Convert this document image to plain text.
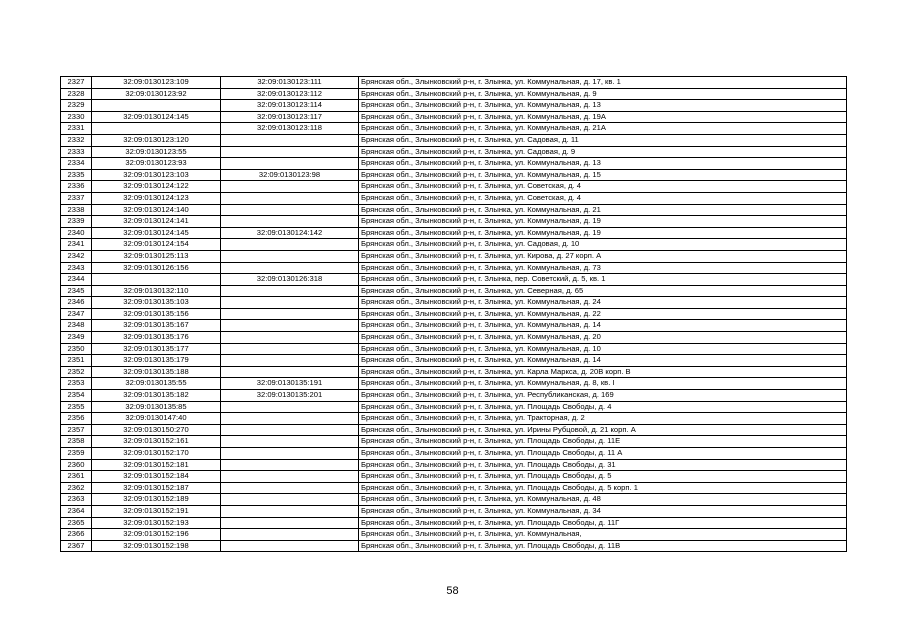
2327	32:09:0130123:109	32:09:0130123:111	Брянская обл., Злынковский р-н, г. Злынка, ул. Коммунальная, д. 17, кв. 1
2328	32:09:0130123:92	32:09:0130123:112	Брянская обл., Злынковский р-н, г. Злынка, ул. Коммунальная, д. 9
2329		32:09:0130123:114	Брянская обл., Злынковский р-н, г. Злынка, ул. Коммунальная, д. 13
2330	32:09:0130124:145	32:09:0130123:117	Брянская обл., Злынковский р-н, г. Злынка, ул. Коммунальная, д. 19А
2331		32:09:0130123:118	Брянская обл., Злынковский р-н, г. Злынка, ул. Коммунальная, д. 21А
2332	32:09:0130123:120		Брянская обл., Злынковский р-н, г. Злынка, ул. Садовая, д. 11
2333	32:09:0130123:55		Брянская обл., Злынковский р-н, г. Злынка, ул. Садовая, д. 9
2334	32:09:0130123:93		Брянская обл., Злынковский р-н, г. Злынка, ул. Коммунальная, д. 13
2335	32:09:0130123:103	32:09:0130123:98	Брянская обл., Злынковский р-н, г. Злынка, ул. Коммунальная, д. 15
2336	32:09:0130124:122		Брянская обл., Злынковский р-н, г. Злынка, ул. Советская, д. 4
2337	32:09:0130124:123		Брянская обл., Злынковский р-н, г. Злынка, ул. Советская, д. 4
2338	32:09:0130124:140		Брянская обл., Злынковский р-н, г. Злынка, ул. Коммунальная, д. 21
2339	32:09:0130124:141		Брянская обл., Злынковский р-н, г. Злынка, ул. Коммунальная, д. 19
2340	32:09:0130124:145	32:09:0130124:142	Брянская обл., Злынковский р-н, г. Злынка, ул. Коммунальная, д. 19
2341	32:09:0130124:154		Брянская обл., Злынковский р-н, г. Злынка, ул. Садовая, д. 10
2342	32:09:0130125:113		Брянская обл., Злынковский р-н, г. Злынка, ул. Кирова, д. 27 корп. А
2343	32:09:0130126:156		Брянская обл., Злынковский р-н, г. Злынка, ул. Коммунальная, д. 73
2344		32:09:0130126:318	Брянская обл., Злынковский р-н, г. Злынка, пер. Советский, д. 5, кв. 1
2345	32:09:0130132:110		Брянская обл., Злынковский р-н, г. Злынка, ул. Северная, д. 65
2346	32:09:0130135:103		Брянская обл., Злынковский р-н, г. Злынка, ул. Коммунальная, д. 24
2347	32:09:0130135:156		Брянская обл., Злынковский р-н, г. Злынка, ул. Коммунальная, д. 22
2348	32:09:0130135:167		Брянская обл., Злынковский р-н, г. Злынка, ул. Коммунальная, д. 14
2349	32:09:0130135:176		Брянская обл., Злынковский р-н, г. Злынка, ул. Коммунальная, д. 20
2350	32:09:0130135:177		Брянская обл., Злынковский р-н, г. Злынка, ул. Коммунальная, д. 10
2351	32:09:0130135:179		Брянская обл., Злынковский р-н, г. Злынка, ул. Коммунальная, д. 14
2352	32:09:0130135:188		Брянская обл., Злынковский р-н, г. Злынка, ул. Карла Маркса, д. 20В корп. В
2353	32:09:0130135:55	32:09:0130135:191	Брянская обл., Злынковский р-н, г. Злынка, ул. Коммунальная, д. 8, кв. I
2354	32:09:0130135:182	32:09:0130135:201	Брянская обл., Злынковский р-н, г. Злынка, ул. Республиканская, д. 169
2355	32:09:0130135:85		Брянская обл., Злынковский р-н, г. Злынка, ул. Площадь Свободы, д. 4
2356	32:09:0130147:40		Брянская обл., Злынковский р-н, г. Злынка, ул. Тракторная, д. 2
2357	32:09:0130150:270		Брянская обл., Злынковский р-н, г. Злынка, ул. Ирины Рубцовой, д. 21 корп. А
2358	32:09:0130152:161		Брянская обл., Злынковский р-н, г. Злынка, ул. Площадь Свободы, д. 11Е
2359	32:09:0130152:170		Брянская обл., Злынковский р-н, г. Злынка, ул. Площадь Свободы, д. 11 А
2360	32:09:0130152:181		Брянская обл., Злынковский р-н, г. Злынка, ул. Площадь Свободы, д. 31
2361	32:09:0130152:184		Брянская обл., Злынковский р-н, г. Злынка, ул. Площадь Свободы, д. 5
2362	32:09:0130152:187		Брянская обл., Злынковский р-н, г. Злынка, ул. Площадь Свободы, д. 5 корп. 1
2363	32:09:0130152:189		Брянская обл., Злынковский р-н, г. Злынка, ул. Коммунальная, д. 48
2364	32:09:0130152:191		Брянская обл., Злынковский р-н, г. Злынка, ул. Коммунальная, д. 34
2365	32:09:0130152:193		Брянская обл., Злынковский р-н, г. Злынка, ул. Площадь Свободы, д. 11Г
2366	32:09:0130152:196		Брянская обл., Злынковский р-н, г. Злынка, ул. Коммунальная,
2367	32:09:0130152:198		Брянская обл., Злынковский р-н, г. Злынка, ул. Площадь Свободы, д. 11В
58
